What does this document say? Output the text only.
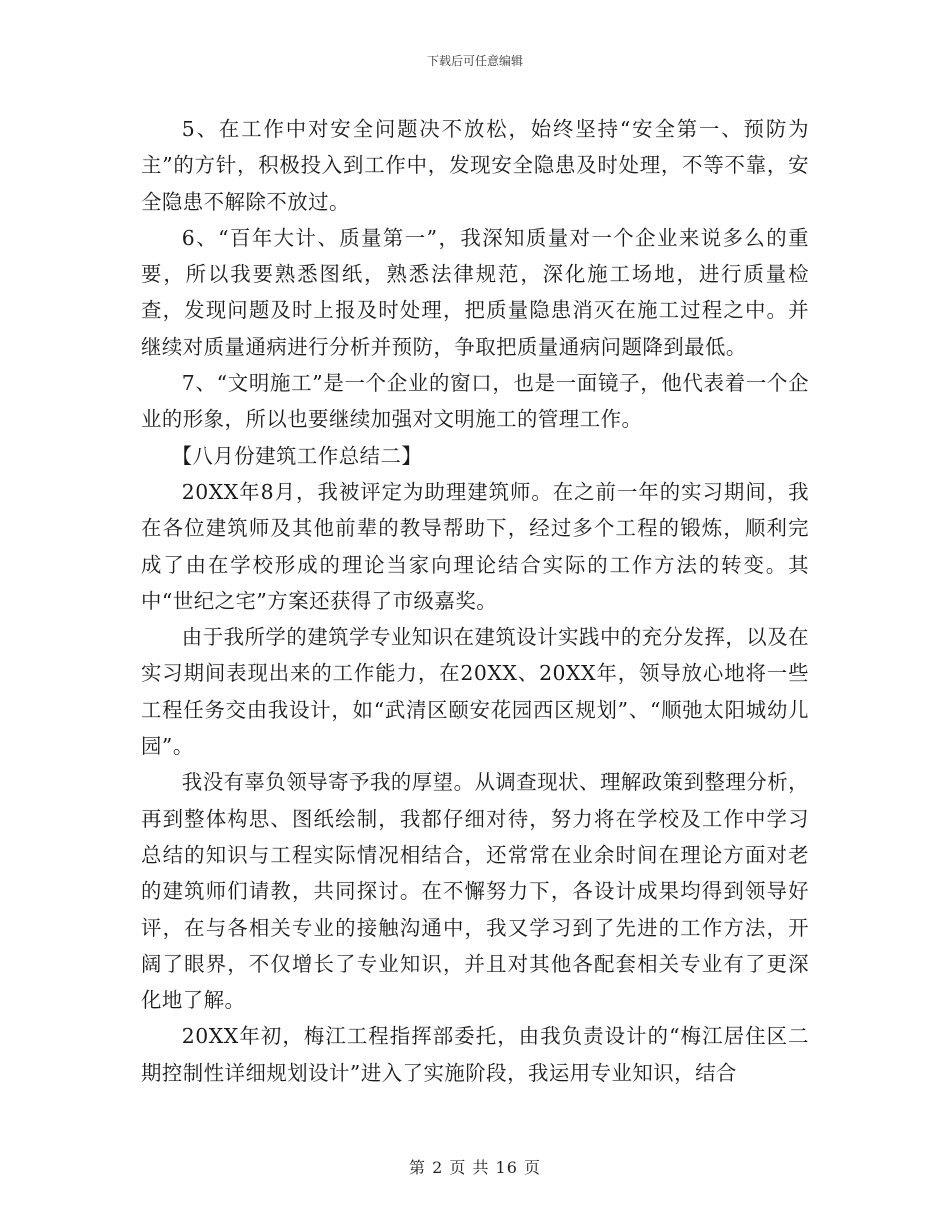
下载后可任意编辑

5、在工作中对安全问题决不放松，始终坚持“安全第一、预防为主”的方针，积极投入到工作中，发现安全隐患及时处理，不等不靠，安全隐患不解除不放过。

6、“百年大计、质量第一”，我深知质量对一个企业来说多么的重要，所以我要熟悉图纸，熟悉法律规范，深化施工场地，进行质量检查，发现问题及时上报及时处理，把质量隐患消灭在施工过程之中。并继续对质量通病进行分析并预防，争取把质量通病问题降到最低。

7、“文明施工”是一个企业的窗口，也是一面镜子，他代表着一个企业的形象，所以也要继续加强对文明施工的管理工作。

【八月份建筑工作总结二】

20XX年8月，我被评定为助理建筑师。在之前一年的实习期间，我在各位建筑师及其他前辈的教导帮助下，经过多个工程的锻炼，顺利完成了由在学校形成的理论当家向理论结合实际的工作方法的转变。其中“世纪之宅”方案还获得了市级嘉奖。

由于我所学的建筑学专业知识在建筑设计实践中的充分发挥，以及在实习期间表现出来的工作能力，在20XX、20XX年，领导放心地将一些工程任务交由我设计，如“武清区颐安花园西区规划”、“顺弛太阳城幼儿园”。

我没有辜负领导寄予我的厚望。从调查现状、理解政策到整理分析，再到整体构思、图纸绘制，我都仔细对待，努力将在学校及工作中学习总结的知识与工程实际情况相结合，还常常在业余时间在理论方面对老的建筑师们请教，共同探讨。在不懈努力下，各设计成果均得到领导好评，在与各相关专业的接触沟通中，我又学习到了先进的工作方法，开阔了眼界，不仅增长了专业知识，并且对其他各配套相关专业有了更深化地了解。

20XX年初，梅江工程指挥部委托，由我负责设计的“梅江居住区二期控制性详细规划设计”进入了实施阶段，我运用专业知识，结合

第 2 页 共 16 页
